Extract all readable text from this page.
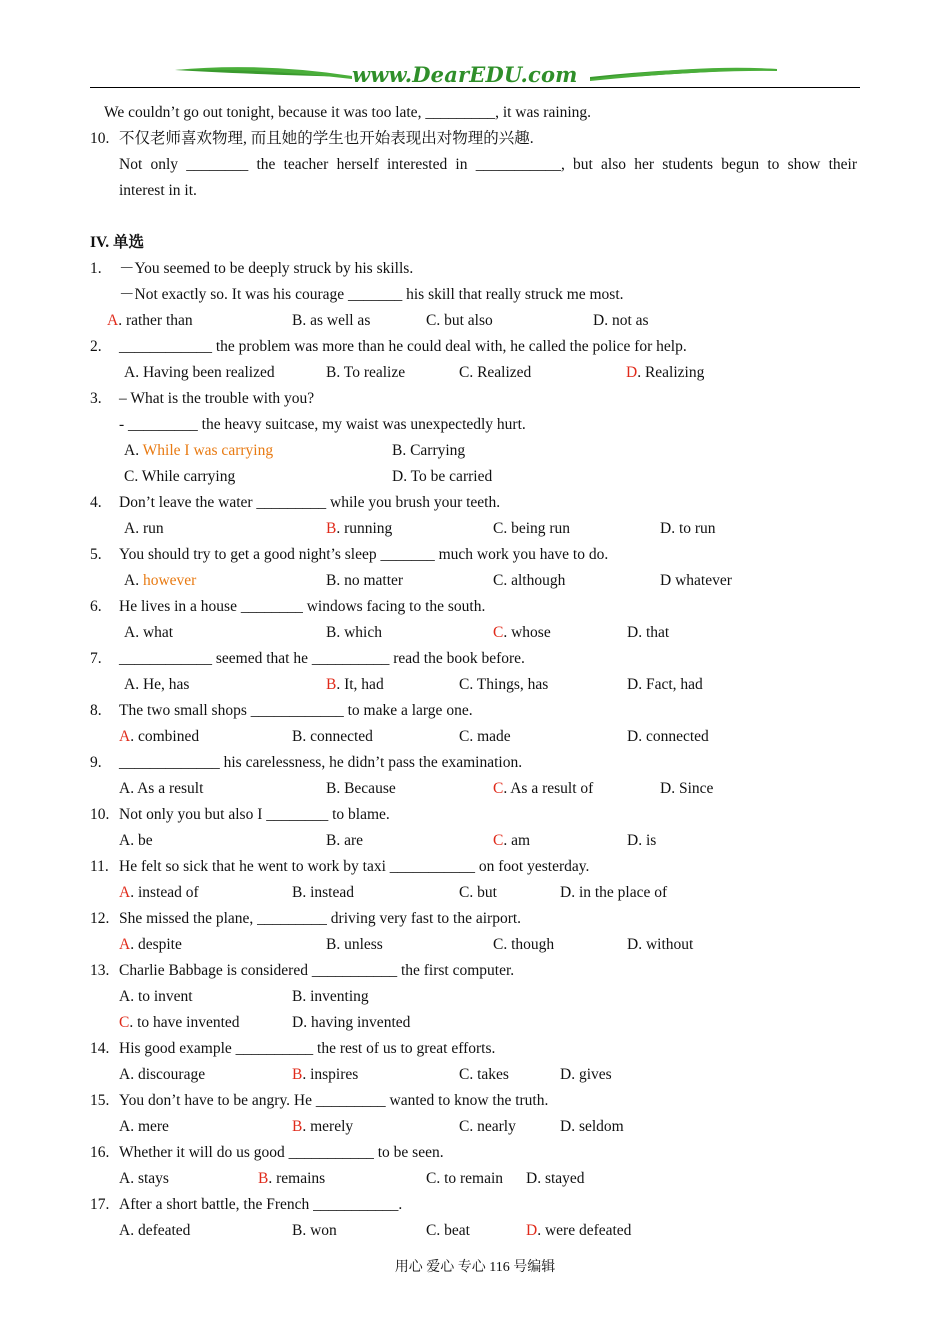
www.DearEDU.com
We couldn’t go out tonight, because it was too late, _________, it was raining.
10. 不仅老师喜欢物理, 而且她的学生也开始表现出对物理的兴趣.
Not only ________ the teacher herself interested in ___________, but also her students begun to show their
interest in it.
IV. 单选
1. －You seemed to be deeply struck by his skills.
－Not exactly so. It was his courage _______ his skill that really struck me most.
A. rather than	B. as well as	C. but also	D. not as
2. ____________ the problem was more than he could deal with, he called the police for help.
A. Having been realized	B. To realize	C. Realized	D. Realizing
3. – What is the trouble with you?
- _________ the heavy suitcase, my waist was unexpectedly hurt.
A. While I was carrying	B. Carrying
C. While carrying	D. To be carried
4. Don’t leave the water _________ while you brush your teeth.
A. run	B. running	C. being run	D. to run
5. You should try to get a good night’s sleep _______ much work you have to do.
A. however	B. no matter	C. although	D whatever
6. He lives in a house ________ windows facing to the south.
A. what	B. which	C. whose	D. that
7. ____________ seemed that he __________ read the book before.
A. He, has	B. It, had	C. Things, has	D. Fact, had
8. The two small shops ____________ to make a large one.
A. combined	B. connected	C. made	D. connected
9. _____________ his carelessness, he didn’t pass the examination.
A. As a result	B. Because	C. As a result of	D. Since
10. Not only you but also I ________ to blame.
A. be	B. are	C. am	D. is
11. He felt so sick that he went to work by taxi ___________ on foot yesterday.
A. instead of	B. instead	C. but	D. in the place of
12. She missed the plane, _________ driving very fast to the airport.
A. despite	B. unless	C. though	D. without
13. Charlie Babbage is considered ___________ the first computer.
A. to invent	B. inventing
C. to have invented	D. having invented
14. His good example __________ the rest of us to great efforts.
A. discourage	B. inspires	C. takes	D. gives
15. You don’t have to be angry. He _________ wanted to know the truth.
A. mere	B. merely	C. nearly	D. seldom
16. Whether it will do us good ___________ to be seen.
A. stays	B. remains	C. to remain D. stayed
17. After a short battle, the French ___________.
A. defeated	B. won	C. beat	D. were defeated
用心 爱心 专心 116 号编辑
